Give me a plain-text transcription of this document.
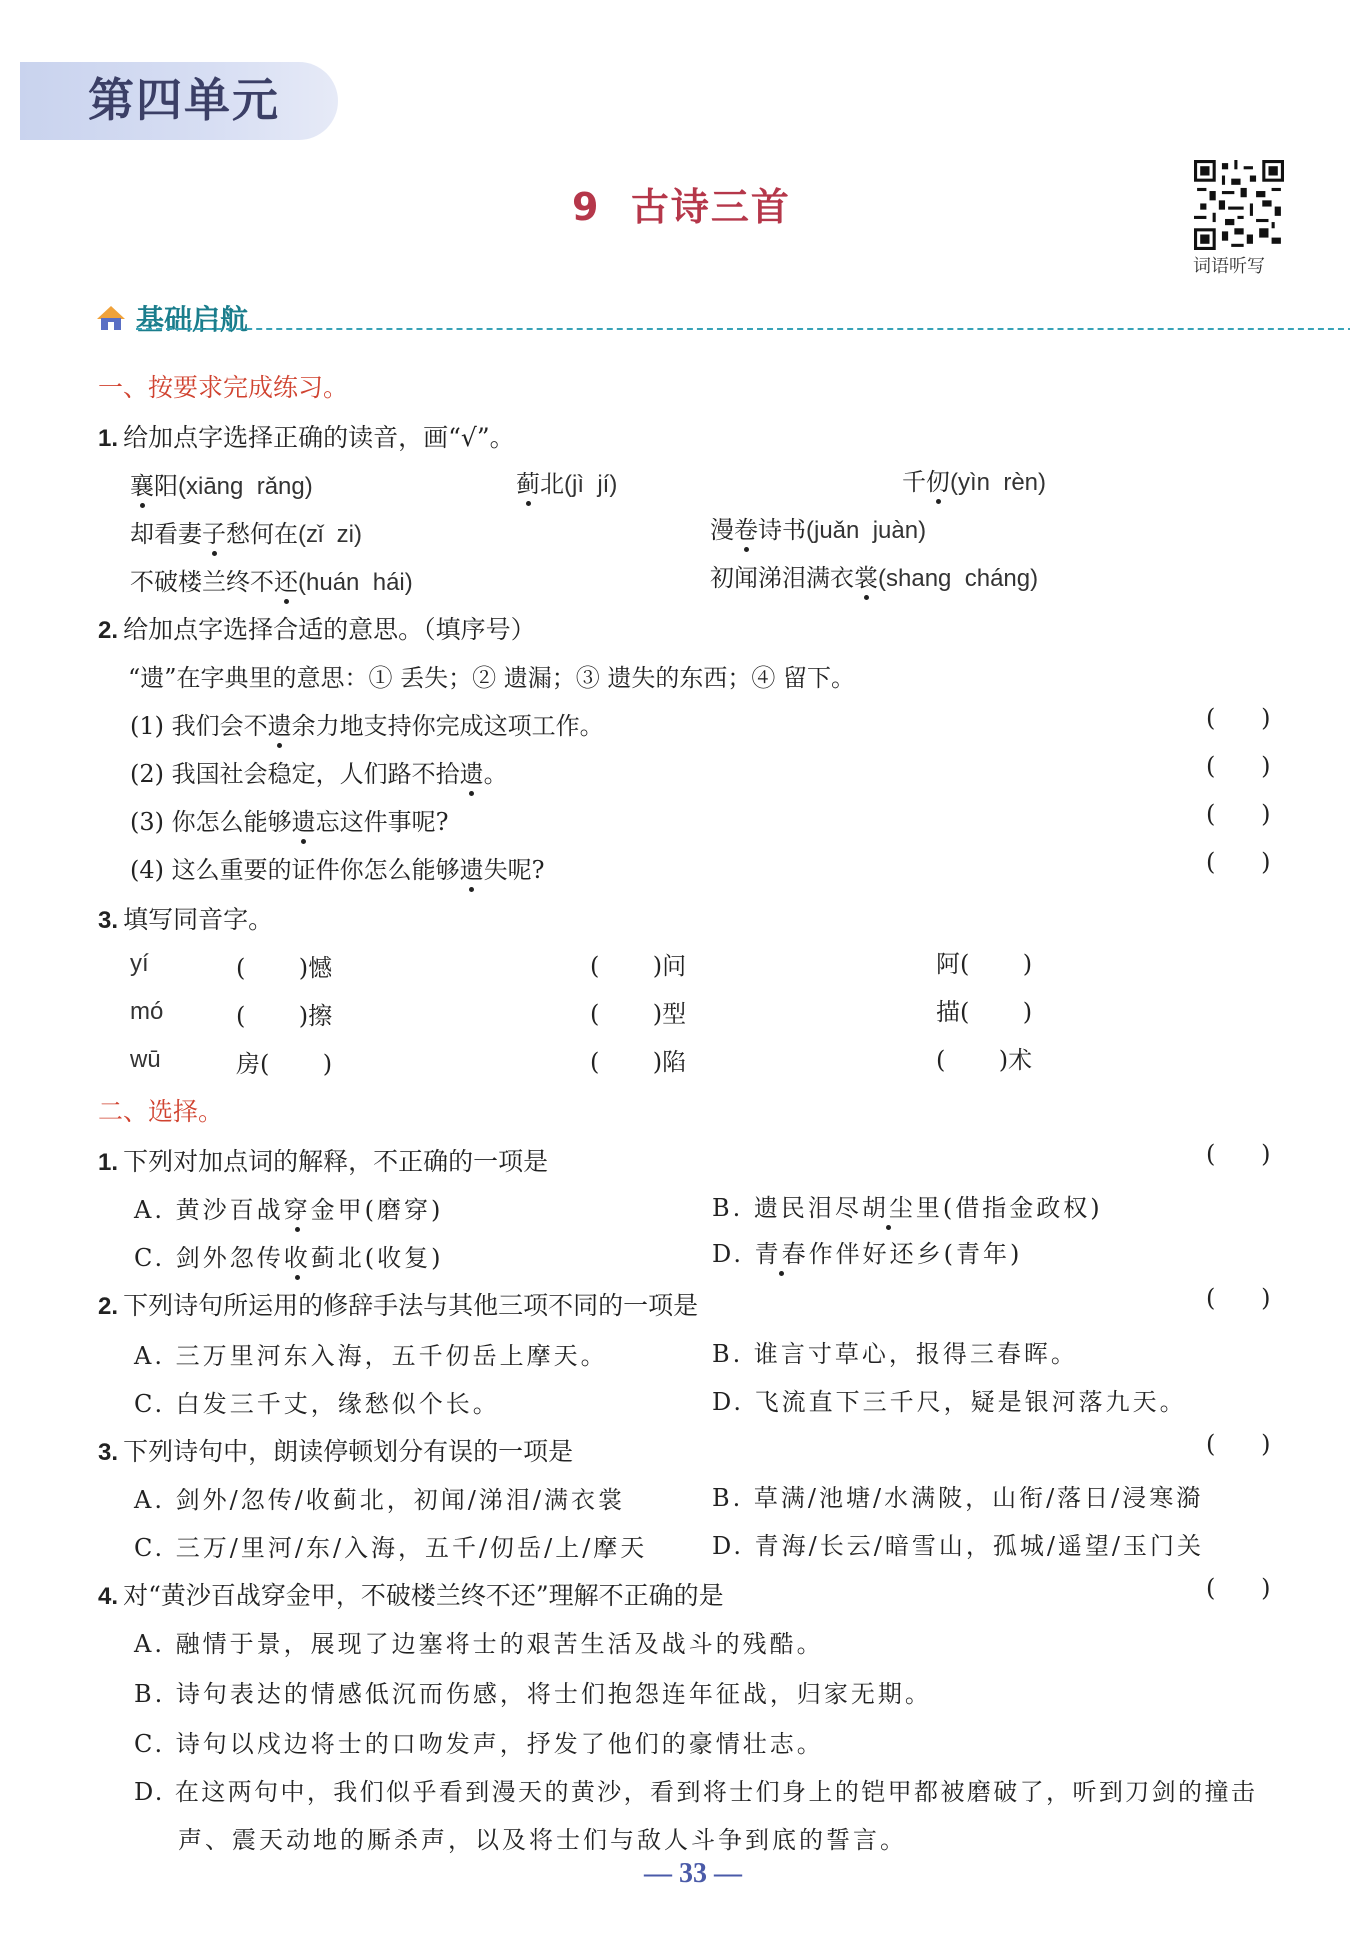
第四单元
9  古诗三首
词语听写
基础启航
一、按要求完成练习。
1. 给加点字选择正确的读音，画“√”。
襄阳(xiāng  rǎng)	蓟北(jì  jí)	千仞(yìn  rèn)
却看妻子愁何在(zǐ  zi)	漫卷诗书(juǎn  juàn)
不破楼兰终不还(huán  hái)	初闻涕泪满衣裳(shang  cháng)
2. 给加点字选择合适的意思。（填序号）
“遗”在字典里的意思：① 丢失；② 遗漏；③ 遗失的东西；④ 留下。
(1) 我们会不遗余力地支持你完成这项工作。	(      )
(2) 我国社会稳定，人们路不拾遗。	(      )
(3) 你怎么能够遗忘这件事呢?	(      )
(4) 这么重要的证件你怎么能够遗失呢?	(      )
3. 填写同音字。
yí	(       )憾	(       )问	阿(       )
mó	(       )擦	(       )型	描(       )
wū	房(       )	(       )陷	(       )术
二、选择。
1. 下列对加点词的解释，不正确的一项是	(      )
A. 黄沙百战穿金甲(磨穿)	B. 遗民泪尽胡尘里(借指金政权)
C. 剑外忽传收蓟北(收复)	D. 青春作伴好还乡(青年)
2. 下列诗句所运用的修辞手法与其他三项不同的一项是	(      )
A. 三万里河东入海，五千仞岳上摩天。	B. 谁言寸草心，报得三春晖。
C. 白发三千丈，缘愁似个长。	D. 飞流直下三千尺，疑是银河落九天。
3. 下列诗句中，朗读停顿划分有误的一项是	(      )
A. 剑外/忽传/收蓟北，初闻/涕泪/满衣裳	B. 草满/池塘/水满陂，山衔/落日/浸寒漪
C. 三万/里河/东/入海，五千/仞岳/上/摩天	D. 青海/长云/暗雪山，孤城/遥望/玉门关
4. 对“黄沙百战穿金甲，不破楼兰终不还”理解不正确的是	(      )
A. 融情于景，展现了边塞将士的艰苦生活及战斗的残酷。
B. 诗句表达的情感低沉而伤感，将士们抱怨连年征战，归家无期。
C. 诗句以戍边将士的口吻发声，抒发了他们的豪情壮志。
D. 在这两句中，我们似乎看到漫天的黄沙，看到将士们身上的铠甲都被磨破了，听到刀剑的撞击
声、震天动地的厮杀声，以及将士们与敌人斗争到底的誓言。
— 33 —
